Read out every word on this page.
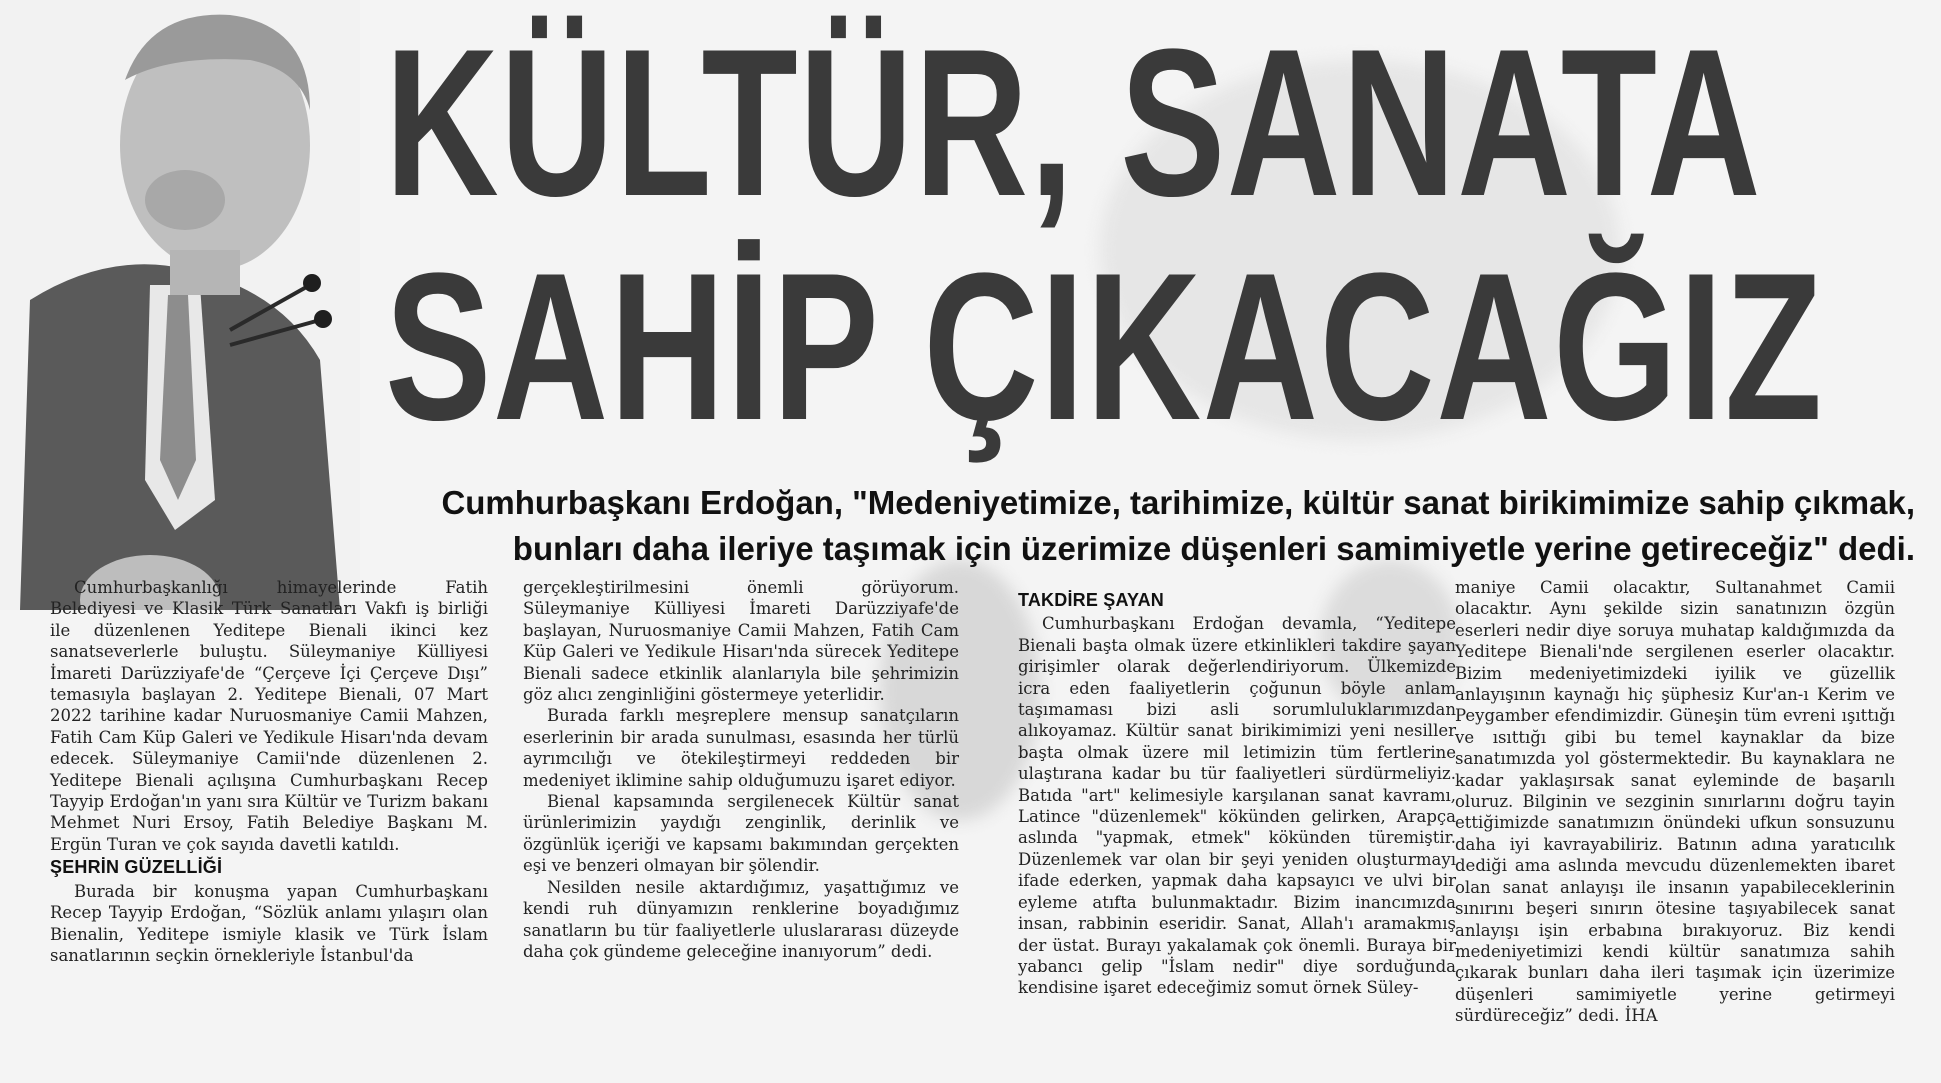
KÜLTÜR, SANATA
SAHİP ÇIKACAĞIZ
Cumhurbaşkanı Erdoğan, "Medeniyetimize, tarihimize, kültür sanat birikimimize sahip çıkmak,
bunları daha ileriye taşımak için üzerimize düşenleri samimiyetle yerine getireceğiz" dedi.

Cumhurbaşkanlığı himayelerinde Fatih Belediyesi ve Klasik Türk Sanatları Vakfı iş birliği ile düzenlenen Yeditepe Bienali ikinci kez sanatseverlerle buluştu. Süleymaniye Külliyesi İmareti Darüzziyafe'de “Çerçeve İçi Çerçeve Dışı” temasıyla başlayan 2. Yeditepe Bienali, 07 Mart 2022 tarihine kadar Nuruosmaniye Camii Mahzen, Fatih Cam Küp Galeri ve Yedikule Hisarı'nda devam edecek. Süleymaniye Camii'nde düzenlenen 2. Yeditepe Bienali açılışına Cumhurbaşkanı Recep Tayyip Erdoğan'ın yanı sıra Kültür ve Turizm bakanı Mehmet Nuri Ersoy, Fatih Belediye Başkanı M. Ergün Turan ve çok sayıda davetli katıldı.

ŞEHRİN GÜZELLİĞİ

Burada bir konuşma yapan Cumhurbaşkanı Recep Tayyip Erdoğan, “Sözlük anlamı yılaşırı olan Bienalin, Yeditepe ismiyle klasik ve Türk İslam sanatlarının seçkin örnekleriyle İstanbul'da

gerçekleştirilmesini önemli görüyorum. Süleymaniye Külliyesi İmareti Darüzziyafe'de başlayan, Nuruosmaniye Camii Mahzen, Fatih Cam Küp Galeri ve Yedikule Hisarı'nda sürecek Yeditepe Bienali sadece etkinlik alanlarıyla bile şehrimizin göz alıcı zenginliğini göstermeye yeterlidir.

Burada farklı meşreplere mensup sanatçıların eserlerinin bir arada sunulması, esasında her türlü ayrımcılığı ve ötekileştirmeyi reddeden bir medeniyet iklimine sahip olduğumuzu işaret ediyor.

Bienal kapsamında sergilenecek Kültür sanat ürünlerimizin yaydığı zenginlik, derinlik ve özgünlük içeriği ve kapsamı bakımından gerçekten eşi ve benzeri olmayan bir şölendir.

Nesilden nesile aktardığımız, yaşattığımız ve kendi ruh dünyamızın renklerine boyadığımız sanatların bu tür faaliyetlerle uluslararası düzeyde daha çok gündeme geleceğine inanıyorum” dedi.

TAKDİRE ŞAYAN

Cumhurbaşkanı Erdoğan devamla, “Yeditepe Bienali başta olmak üzere etkinlikleri takdire şayan girişimler olarak değerlendiriyorum. Ülkemizde icra eden faaliyetlerin çoğunun böyle anlam taşımaması bizi asli sorumluluklarımızdan alıkoyamaz. Kültür sanat birikimimizi yeni nesiller başta olmak üzere mil letimizin tüm fertlerine ulaştırana kadar bu tür faaliyetleri sürdürmeliyiz. Batıda "art" kelimesiyle karşılanan sanat kavramı, Latince "düzenlemek" kökünden gelirken, Arapça aslında "yapmak, etmek" kökünden türemiştir. Düzenlemek var olan bir şeyi yeniden oluşturmayı ifade ederken, yapmak daha kapsayıcı ve ulvi bir eyleme atıfta bulunmaktadır. Bizim inancımızda insan, rabbinin eseridir. Sanat, Allah'ı aramakmış der üstat. Burayı yakalamak çok önemli. Buraya bir yabancı gelip "İslam nedir" diye sorduğunda kendisine işaret edeceğimiz somut örnek Süley-

maniye Camii olacaktır, Sultanahmet Camii olacaktır. Aynı şekilde sizin sanatınızın özgün eserleri nedir diye soruya muhatap kaldığımızda da Yeditepe Bienali'nde sergilenen eserler olacaktır. Bizim medeniyetimizdeki iyilik ve güzellik anlayışının kaynağı hiç şüphesiz Kur'an-ı Kerim ve Peygamber efendimizdir. Güneşin tüm evreni ışıttığı ve ısıttığı gibi bu temel kaynaklar da bize sanatımızda yol göstermektedir. Bu kaynaklara ne kadar yaklaşırsak sanat eyleminde de başarılı oluruz. Bilginin ve sezginin sınırlarını doğru tayin ettiğimizde sanatımızın önündeki ufkun sonsuzunu daha iyi kavrayabiliriz. Batının adına yaratıcılık dediği ama aslında mevcudu düzenlemekten ibaret olan sanat anlayışı ile insanın yapabileceklerinin sınırını beşeri sınırın ötesine taşıyabilecek sanat anlayışı işin erbabına bırakıyoruz. Biz kendi medeniyetimizi kendi kültür sanatımıza sahih çıkarak bunları daha ileri taşımak için üzerimize düşenleri samimiyetle yerine getirmeyi sürdüreceğiz” dedi. İHA
